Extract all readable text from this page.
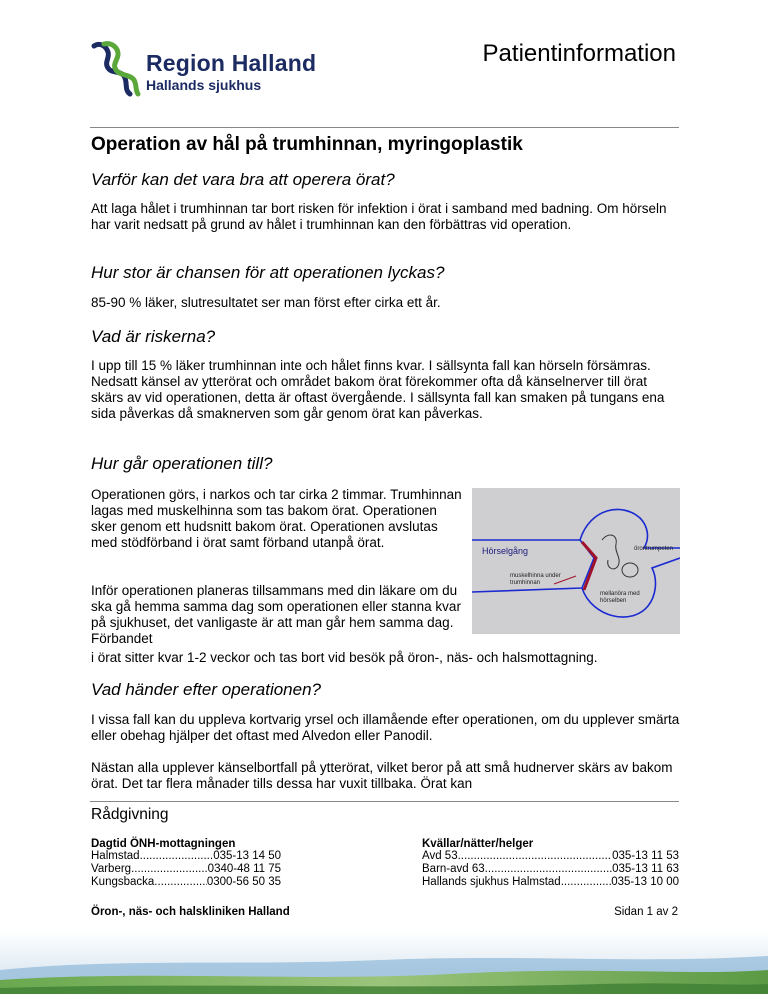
Region Halland
Hallands sjukhus
Patientinformation
Operation av hål på trumhinnan, myringoplastik
Varför kan det vara bra att operera örat?
Att laga hålet i trumhinnan tar bort risken för infektion i örat i samband med badning. Om hörseln har varit nedsatt på grund av hålet i trumhinnan kan den förbättras vid operation.
Hur stor är chansen för att operationen lyckas?
85-90 % läker, slutresultatet ser man först efter cirka ett år.
Vad är riskerna?
I upp till 15 % läker trumhinnan inte och hålet finns kvar. I sällsynta fall kan hörseln försämras. Nedsatt känsel av ytterörat och området bakom örat förekommer ofta då känselnerver till örat skärs av vid operationen, detta är oftast övergående. I sällsynta fall kan smaken på tungans ena sida påverkas då smaknerven som går genom örat kan påverkas.
Hur går operationen till?
Operationen görs, i narkos och tar cirka 2 timmar. Trumhinnan lagas med muskelhinna som tas bakom örat. Operationen sker genom ett hudsnitt bakom örat. Operationen avslutas med stödförband i örat samt förband utanpå örat.
Inför operationen planeras tillsammans med din läkare om du ska gå hemma samma dag som operationen eller stanna kvar på sjukhuset, det vanligaste är att man går hem samma dag. Förbandet
i örat sitter kvar 1-2 veckor och tas bort vid besök på öron-, näs- och halsmottagning.
Hörselgång	örontrumpeten
muskelhinna under trumhinnan
mellanöra med hörselben
Vad händer efter operationen?
I vissa fall kan du uppleva kortvarig yrsel och illamående efter operationen, om du upplever smärta eller obehag hjälper det oftast med Alvedon eller Panodil.
Nästan alla upplever känselbortfall på ytterörat, vilket beror på att små hudnerver skärs av bakom örat. Det tar flera månader tills dessa har vuxit tillbaka. Örat kan
Rådgivning
Dagtid ÖNH-mottagningen
Halmstad .....	035-13 14 50
Varberg .....	0340-48 11 75
Kungsbacka .....	0300-56 50 35
Kvällar/nätter/helger
Avd 53 .....	035-13 11 53
Barn-avd 63 .....	035-13 11 63
Hallands sjukhus Halmstad .....	035-13 10 00
Öron-, näs- och halskliniken Halland	Sidan 1 av 2
